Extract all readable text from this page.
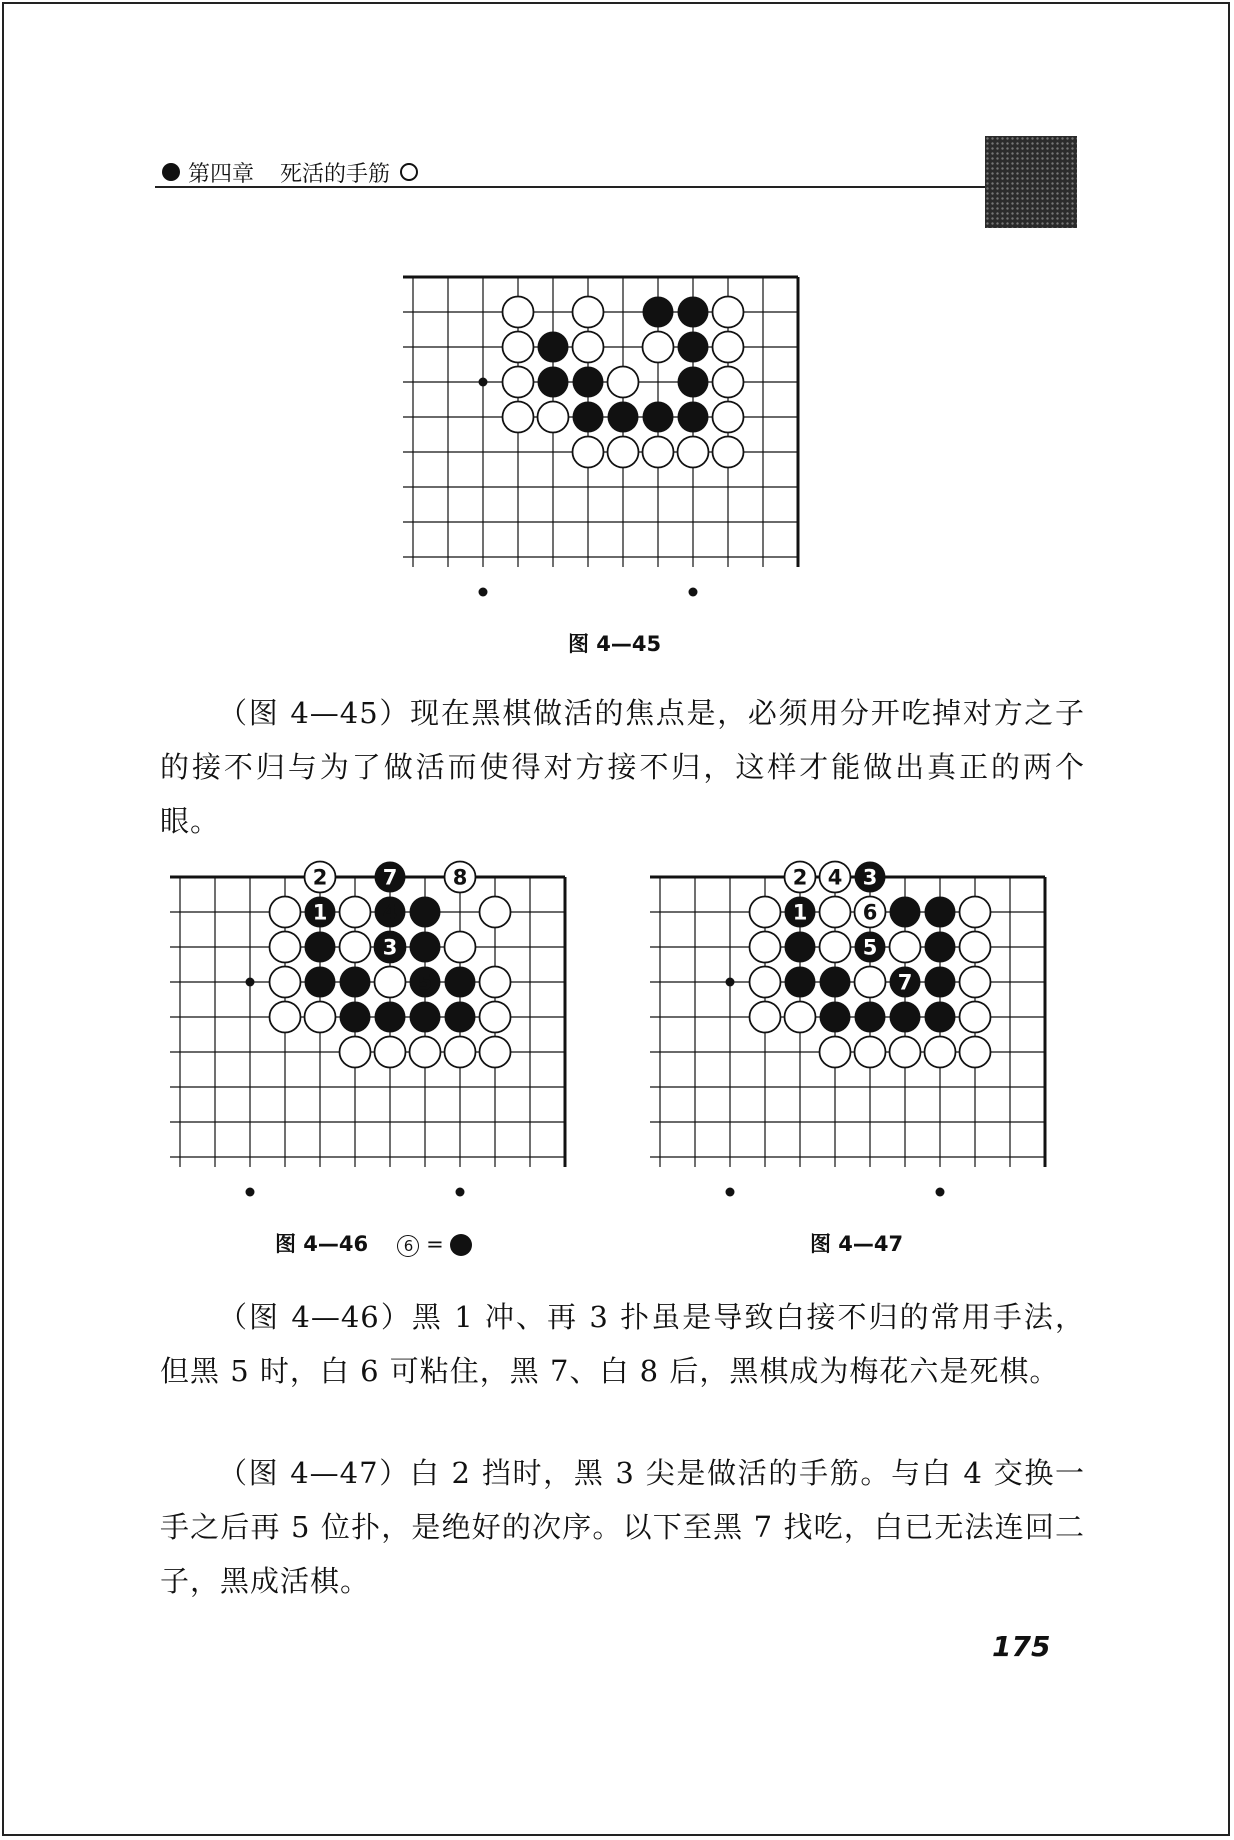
第四章 死活的手筋
图 4—45

（图 4—45）现在黑棋做活的焦点是，必须用分开吃掉对方之子的接不归与为了做活而使得对方接不归，这样才能做出真正的两个眼。

2	7	8
1	4
3
5
图 4—46 6 =
2 4 3
1	6
5
7
图 4—47

（图 4—46）黑 1 冲、再 3 扑虽是导致白接不归的常用手法，但黑 5 时，白 6 可粘住，黑 7、白 8 后，黑棋成为梅花六是死棋。

（图 4—47）白 2 挡时，黑 3 尖是做活的手筋。与白 4 交换一手之后再 5 位扑，是绝好的次序。以下至黑 7 找吃，白已无法连回二子，黑成活棋。

175
